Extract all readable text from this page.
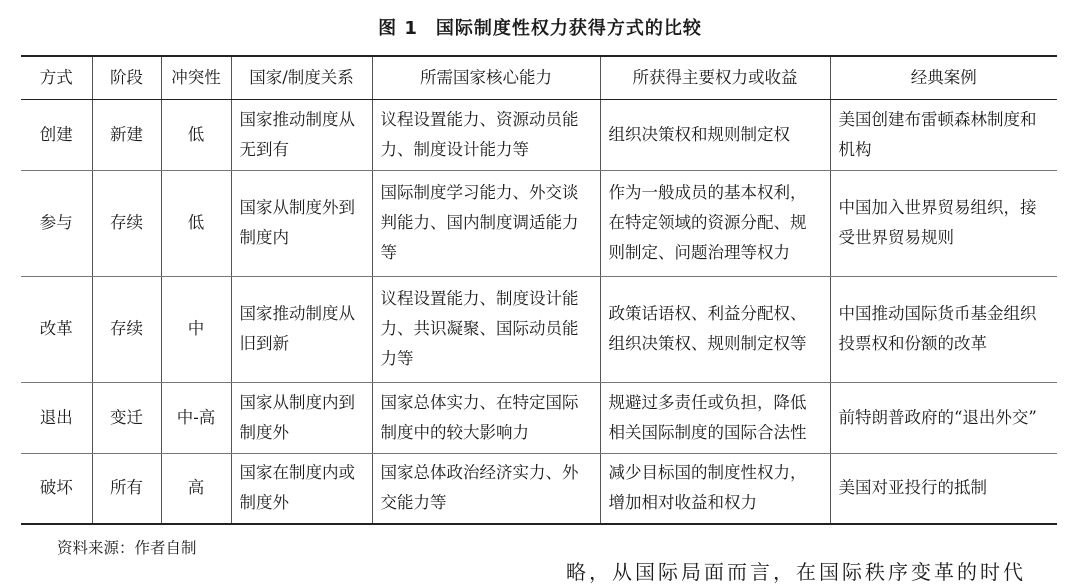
图 1 国际制度性权力获得方式的比较
方式	阶段	冲突性	国家/制度关系	所需国家核心能力	所获得主要权力或收益	经典案例
创建	新建	低	国家推动制度从无到有	议程设置能力、资源动员能力、制度设计能力等	组织决策权和规则制定权	美国创建布雷顿森林制度和机构
参与	存续	低	国家从制度外到制度内	国际制度学习能力、外交谈判能力、国内制度调适能力等	作为一般成员的基本权利，在特定领域的资源分配、规则制定、问题治理等权力	中国加入世界贸易组织，接受世界贸易规则
改革	存续	中	国家推动制度从旧到新	议程设置能力、制度设计能力、共识凝聚、国际动员能力等	政策话语权、利益分配权、组织决策权、规则制定权等	中国推动国际货币基金组织投票权和份额的改革
退出	变迁	中-高	国家从制度内到制度外	国家总体实力、在特定国际制度中的较大影响力	规避过多责任或负担，降低相关国际制度的国际合法性	前特朗普政府的“退出外交”
破坏	所有	高	国家在制度内或制度外	国家总体政治经济实力、外交能力等	减少目标国的制度性权力，增加相对收益和权力	美国对亚投行的抵制
资料来源：作者自制
略，从国际局面而言，在国际秩序变革的时代
